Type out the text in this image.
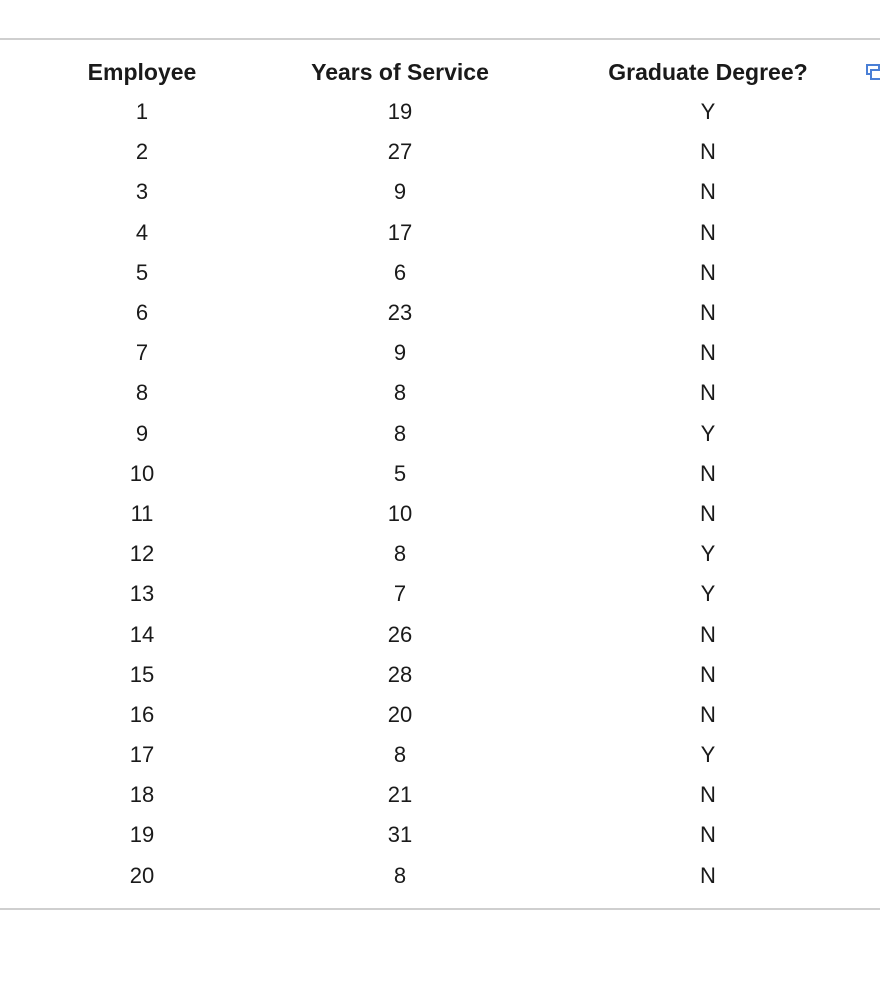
Employee	Years of Service	Graduate Degree?
1	19	Y
2	27	N
3	9	N
4	17	N
5	6	N
6	23	N
7	9	N
8	8	N
9	8	Y
10	5	N
11	10	N
12	8	Y
13	7	Y
14	26	N
15	28	N
16	20	N
17	8	Y
18	21	N
19	31	N
20	8	N
